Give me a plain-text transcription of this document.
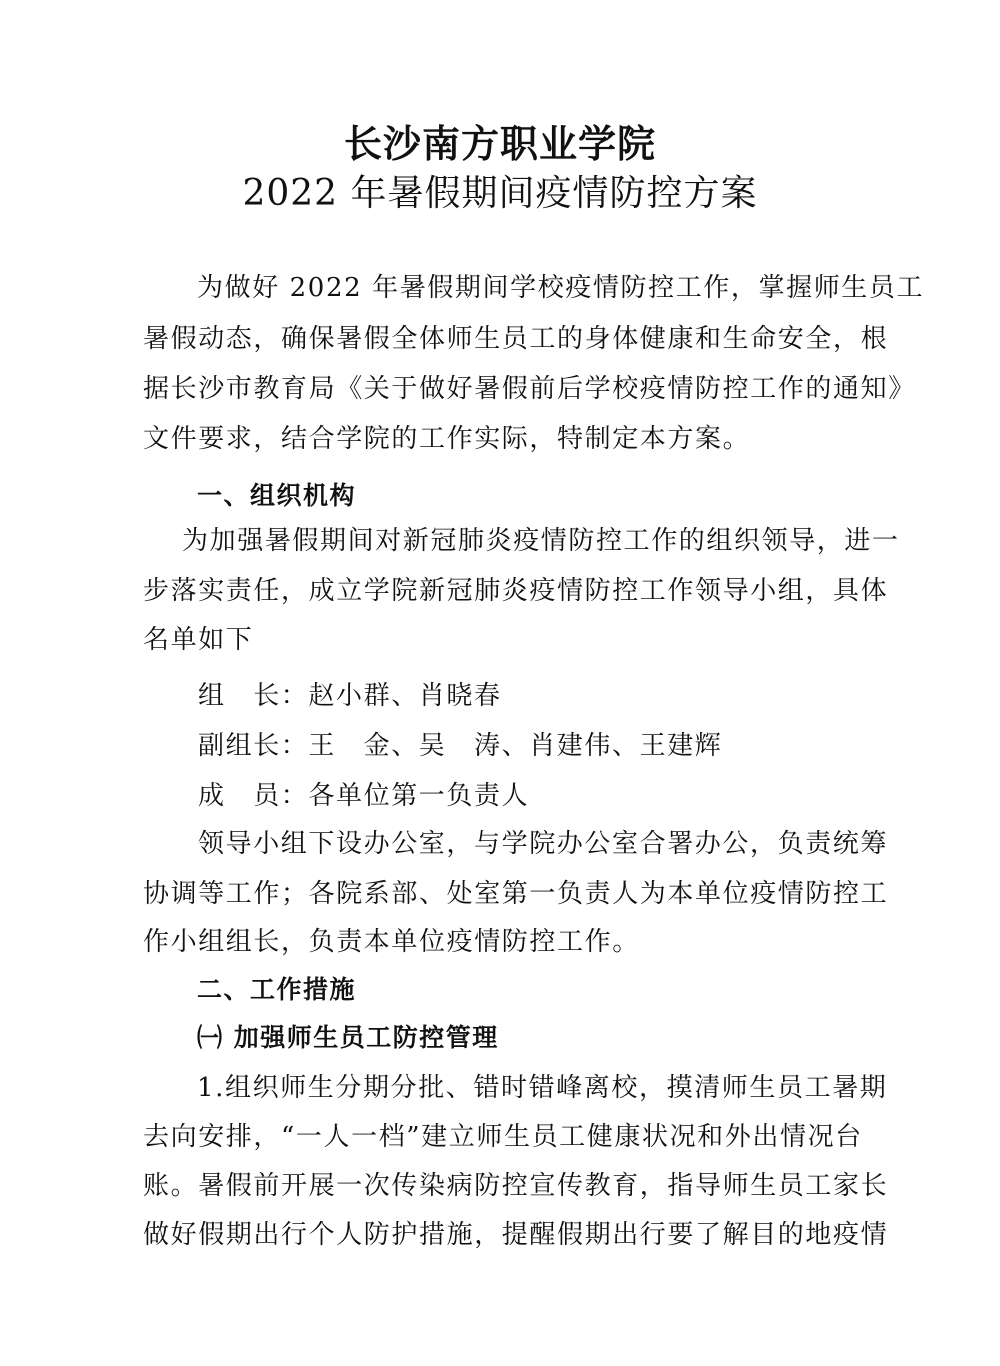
长沙南方职业学院
2022 年暑假期间疫情防控方案
为做好 2022 年暑假期间学校疫情防控工作，掌握师生员工
暑假动态，确保暑假全体师生员工的身体健康和生命安全，根
据长沙市教育局《关于做好暑假前后学校疫情防控工作的通知》
文件要求，结合学院的工作实际，特制定本方案。
一、组织机构
为加强暑假期间对新冠肺炎疫情防控工作的组织领导，进一
步落实责任，成立学院新冠肺炎疫情防控工作领导小组，具体
名单如下
组　长：赵小群、肖晓春
副组长：王　金、吴　涛、肖建伟、王建辉
成　员：各单位第一负责人
领导小组下设办公室，与学院办公室合署办公，负责统筹
协调等工作；各院系部、处室第一负责人为本单位疫情防控工
作小组组长，负责本单位疫情防控工作。
二、工作措施
㈠ 加强师生员工防控管理
1.组织师生分期分批、错时错峰离校，摸清师生员工暑期
去向安排，“一人一档”建立师生员工健康状况和外出情况台
账。暑假前开展一次传染病防控宣传教育，指导师生员工家长
做好假期出行个人防护措施，提醒假期出行要了解目的地疫情
